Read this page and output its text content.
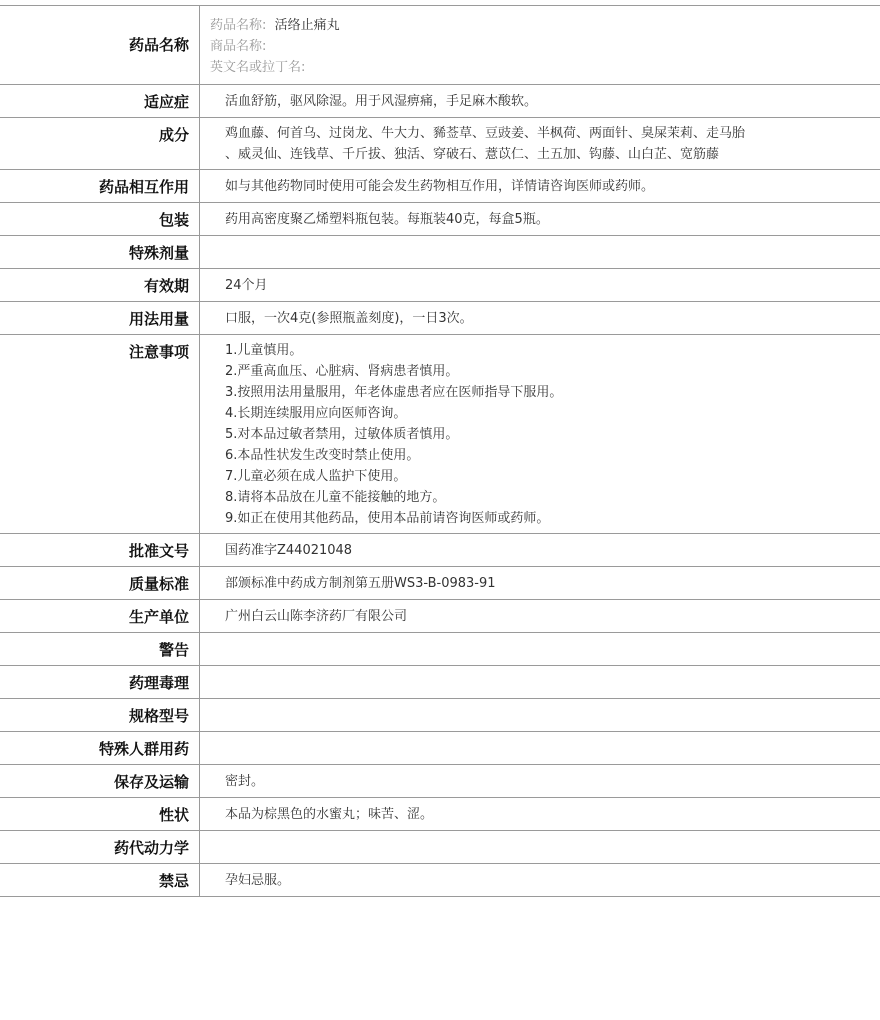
药品名称
药品名称: 活络止痛丸
商品名称:
英文名或拉丁名:
适应症	活血舒筋，驱风除湿。用于风湿痹痛，手足麻木酸软。
成分	鸡血藤、何首乌、过岗龙、牛大力、豨莶草、豆豉姜、半枫荷、两面针、臭屎茉莉、走马胎
、威灵仙、连钱草、千斤拔、独活、穿破石、薏苡仁、土五加、钩藤、山白芷、宽筋藤
药品相互作用	如与其他药物同时使用可能会发生药物相互作用，详情请咨询医师或药师。
包装	药用高密度聚乙烯塑料瓶包装。每瓶装40克，每盒5瓶。
特殊剂量
有效期	24个月
用法用量	口服，一次4克(参照瓶盖刻度)，一日3次。
注意事项	1.儿童慎用。
2.严重高血压、心脏病、肾病患者慎用。
3.按照用法用量服用，年老体虚患者应在医师指导下服用。
4.长期连续服用应向医师咨询。
5.对本品过敏者禁用，过敏体质者慎用。
6.本品性状发生改变时禁止使用。
7.儿童必须在成人监护下使用。
8.请将本品放在儿童不能接触的地方。
9.如正在使用其他药品，使用本品前请咨询医师或药师。
批准文号	国药准字Z44021048
质量标准	部颁标准中药成方制剂第五册WS3-B-0983-91
生产单位	广州白云山陈李济药厂有限公司
警告
药理毒理
规格型号
特殊人群用药
保存及运输	密封。
性状	本品为棕黑色的水蜜丸；味苦、涩。
药代动力学
禁忌	孕妇忌服。
